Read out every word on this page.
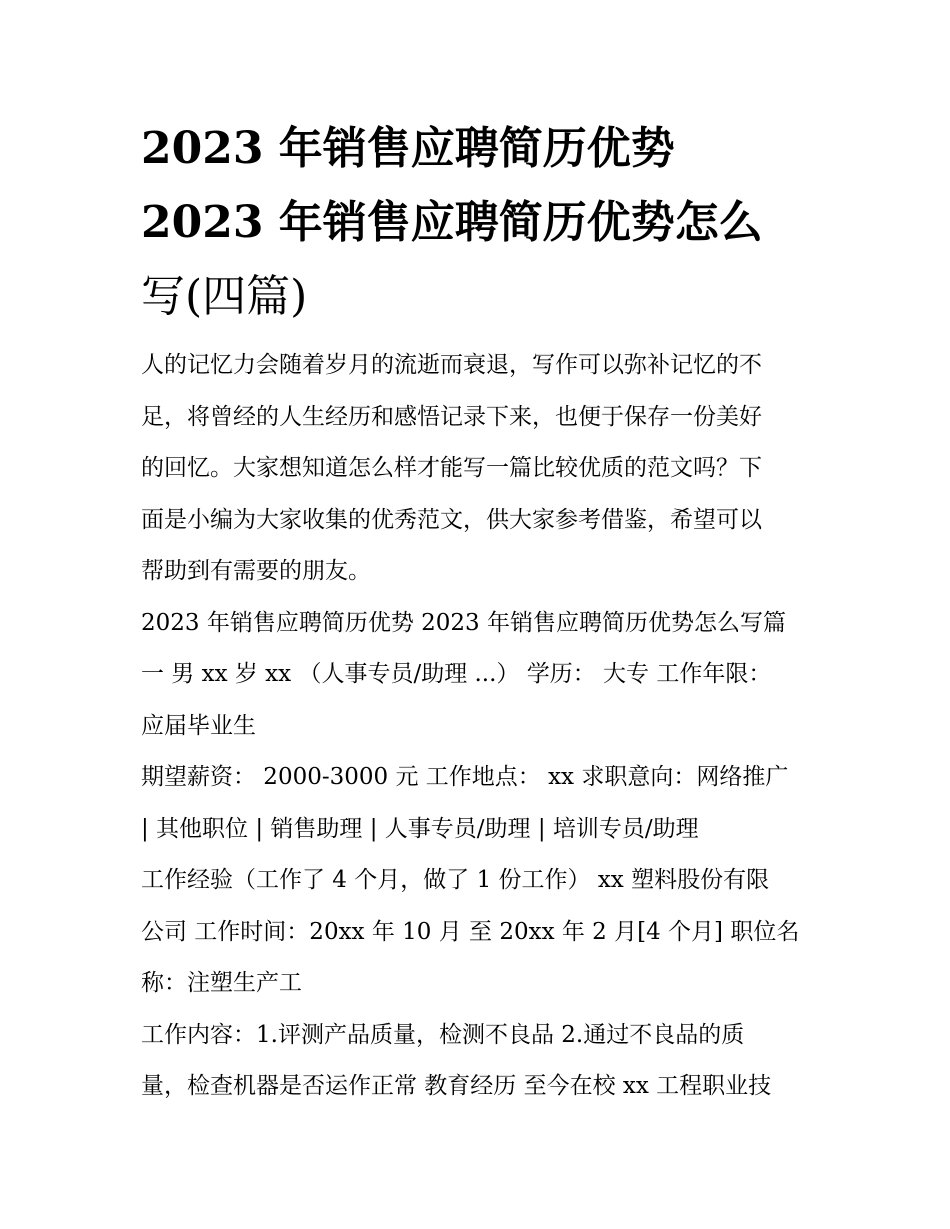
2023 年销售应聘简历优势
2023 年销售应聘简历优势怎么
写(四篇)

人的记忆力会随着岁月的流逝而衰退，写作可以弥补记忆的不
足，将曾经的人生经历和感悟记录下来，也便于保存一份美好
的回忆。大家想知道怎么样才能写一篇比较优质的范文吗？下
面是小编为大家收集的优秀范文，供大家参考借鉴，希望可以
帮助到有需要的朋友。

2023 年销售应聘简历优势 2023 年销售应聘简历优势怎么写篇
一 男 xx 岁 xx （人事专员/助理 ...） 学历： 大专 工作年限：
应届毕业生

期望薪资： 2000-3000 元 工作地点： xx 求职意向：网络推广
| 其他职位 | 销售助理 | 人事专员/助理 | 培训专员/助理

工作经验（工作了 4 个月，做了 1 份工作） xx 塑料股份有限
公司 工作时间：20xx 年 10 月 至 20xx 年 2 月[4 个月] 职位名
称：注塑生产工

工作内容：1.评测产品质量，检测不良品 2.通过不良品的质
量，检查机器是否运作正常 教育经历 至今在校 xx 工程职业技
